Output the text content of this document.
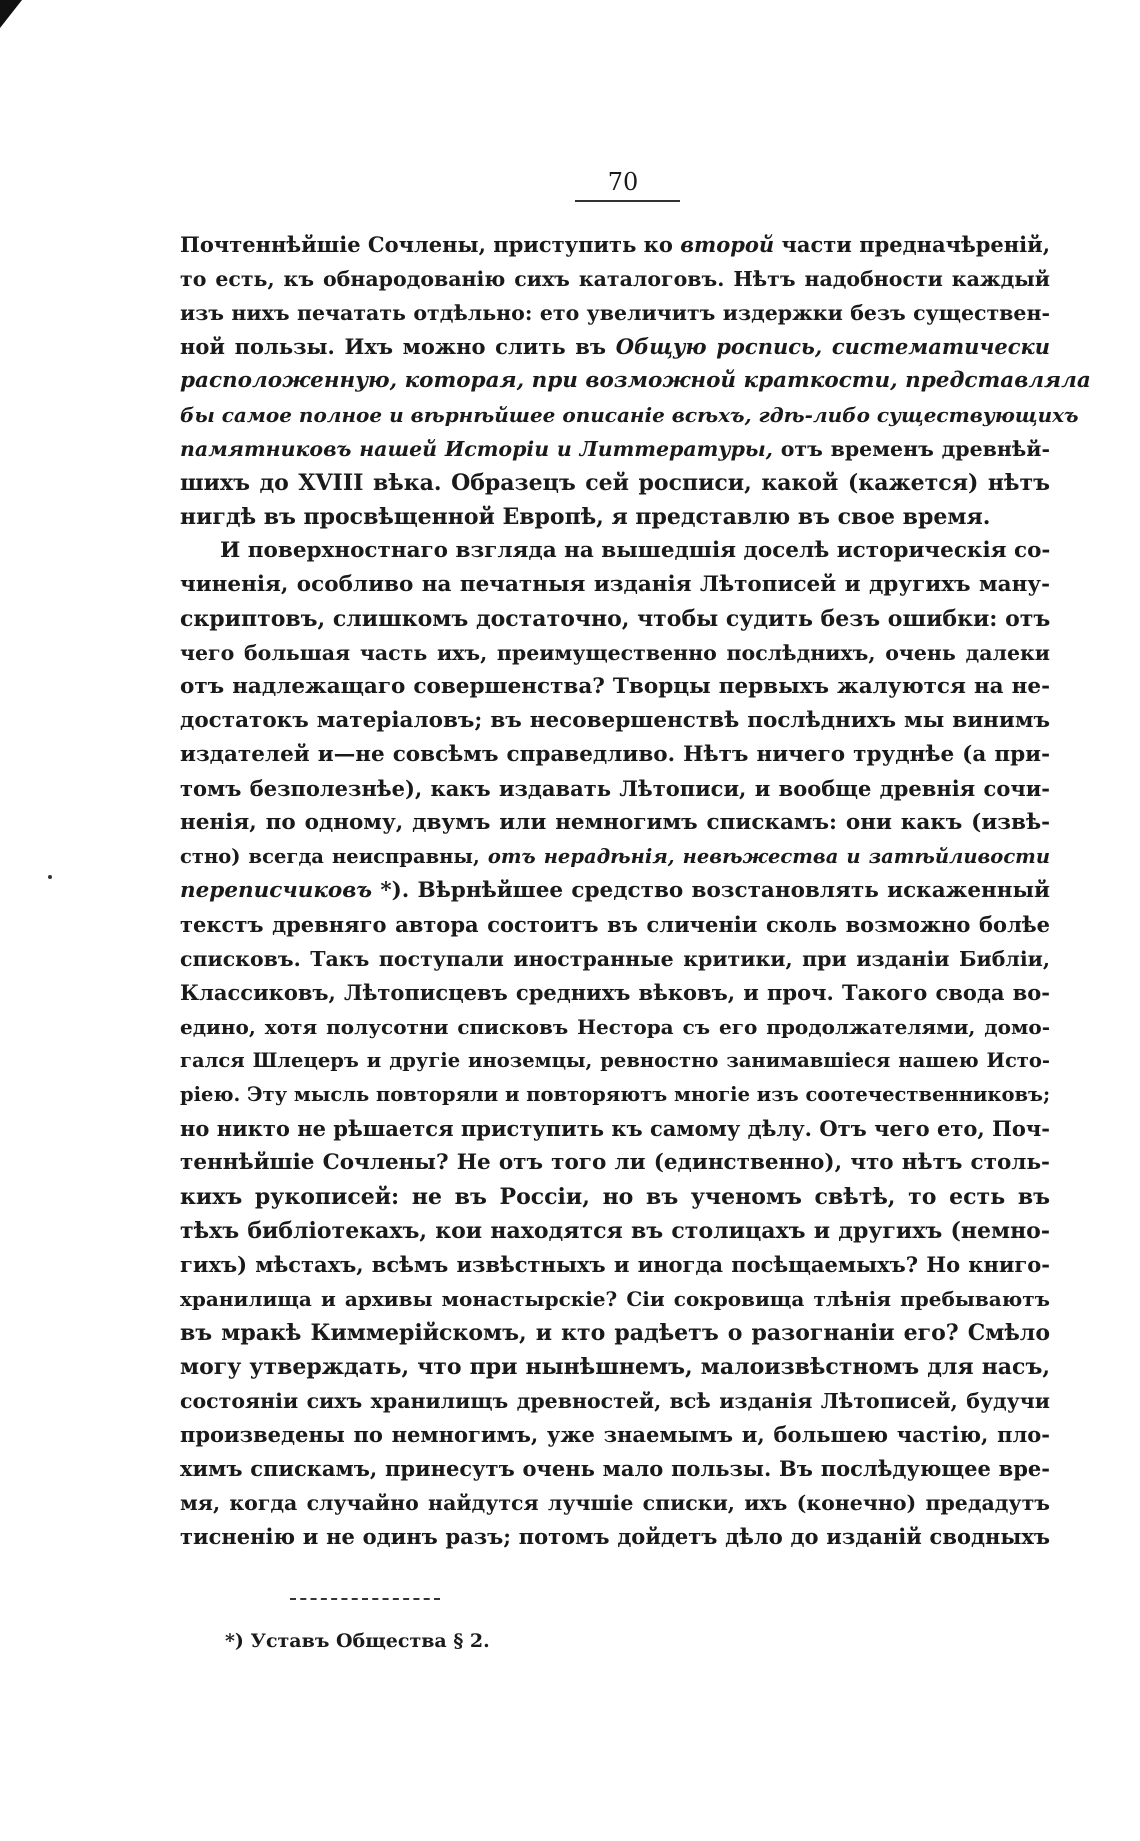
70
Почтеннѣйшіе Сочлены, приступить ко второй части предначѣреній,
то есть, къ обнародованію сихъ каталоговъ. Нѣтъ надобности каждый
изъ нихъ печатать отдѣльно: ето увеличитъ издержки безъ существен-
ной пользы. Ихъ можно слить въ Общую роспись, систематически
расположенную, которая, при возможной краткости, представляла
бы самое полное и вѣрнѣйшее описаніе всѣхъ, гдѣ-либо существующихъ
памятниковъ нашей Исторіи и Литтературы, отъ временъ древнѣй-
шихъ до XVIII вѣка. Образецъ сей росписи, какой (кажется) нѣтъ
нигдѣ въ просвѣщенной Европѣ, я представлю въ свое время.
И поверхностнаго взгляда на вышедшія доселѣ историческія со-
чиненія, особливо на печатныя изданія Лѣтописей и другихъ ману-
скриптовъ, слишкомъ достаточно, чтобы судить безъ ошибки: отъ
чего большая часть ихъ, преимущественно послѣднихъ, очень далеки
отъ надлежащаго совершенства? Творцы первыхъ жалуются на не-
достатокъ матеріаловъ; въ несовершенствѣ послѣднихъ мы винимъ
издателей и—не совсѣмъ справедливо. Нѣтъ ничего труднѣе (а при-
томъ безполезнѣе), какъ издавать Лѣтописи, и вообще древнія сочи-
ненія, по одному, двумъ или немногимъ спискамъ: они какъ (извѣ-
стно) всегда неисправны, отъ нерадѣнія, невѣжества и затѣйливости
переписчиковъ *). Вѣрнѣйшее средство возстановлять искаженный
текстъ древняго автора состоитъ въ сличеніи сколь возможно болѣе
списковъ. Такъ поступали иностранные критики, при изданіи Библіи,
Классиковъ, Лѣтописцевъ среднихъ вѣковъ, и проч. Такого свода во-
едино, хотя полусотни списковъ Нестора съ его продолжателями, домо-
гался Шлецеръ и другіе иноземцы, ревностно занимавшіеся нашею Исто-
ріею. Эту мысль повторяли и повторяютъ многіе изъ соотечественниковъ;
но никто не рѣшается приступить къ самому дѣлу. Отъ чего ето, Поч-
теннѣйшіе Сочлены? Не отъ того ли (единственно), что нѣтъ столь-
кихъ рукописей: не въ Россіи, но въ ученомъ свѣтѣ, то есть въ
тѣхъ библіотекахъ, кои находятся въ столицахъ и другихъ (немно-
гихъ) мѣстахъ, всѣмъ извѣстныхъ и иногда посѣщаемыхъ? Но книго-
хранилища и архивы монастырскіе? Сіи сокровища тлѣнія пребываютъ
въ мракѣ Киммерійскомъ, и кто радѣетъ о разогнаніи его? Смѣло
могу утверждать, что при нынѣшнемъ, малоизвѣстномъ для насъ,
состояніи сихъ хранилищъ древностей, всѣ изданія Лѣтописей, будучи
произведены по немногимъ, уже знаемымъ и, большею частію, пло-
химъ спискамъ, принесутъ очень мало пользы. Въ послѣдующее вре-
мя, когда случайно найдутся лучшіе списки, ихъ (конечно) предадутъ
тисненію и не одинъ разъ; потомъ дойдетъ дѣло до изданій сводныхъ
*) Уставъ Общества § 2.
